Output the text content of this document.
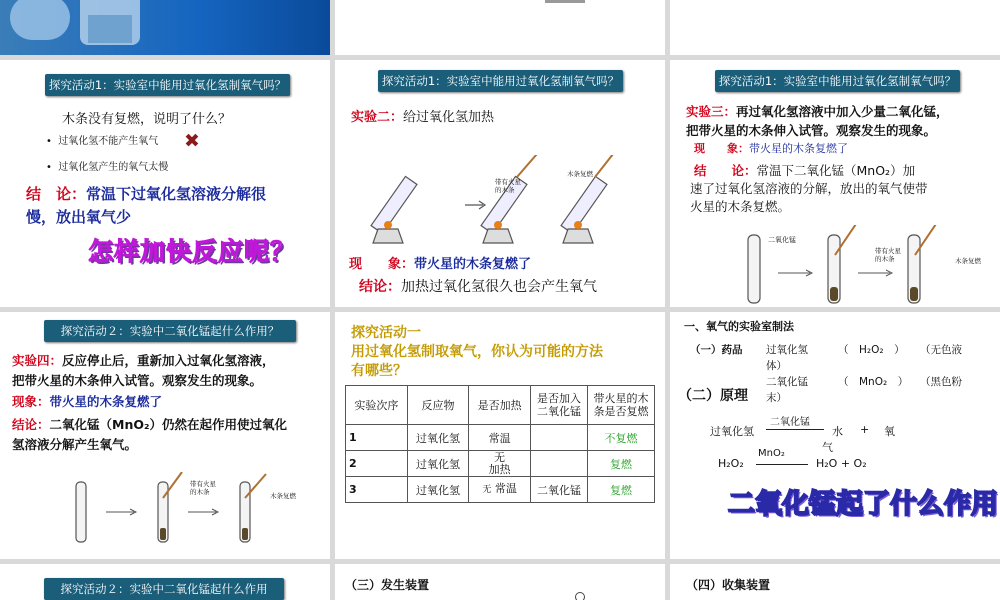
探究活动1：实验室中能用过氧化氢制氧气吗？
木条没有复燃，说明了什么？
•  过氧化氢不能产生氧气 ✖
•  过氧化氢产生的氧气太慢
结　论：常温下过氧化氢溶液分解很
慢，放出氧气少
怎样加快反应呢？
探究活动1：实验室中能用过氧化氢制氧气吗？
实验二：给过氧化氢加热
带有火星
的木条
木条复燃
现　　象：带火星的木条复燃了
结论：加热过氧化氢很久也会产生氧气
探究活动1：实验室中能用过氧化氢制氧气吗？
实验三：再过氧化氢溶液中加入少量二氧化锰，
把带火星的木条伸入试管。观察发生的现象。
现　　象：带火星的木条复燃了
结　　论：常温下二氧化锰（MnO₂）加
速了过氧化氢溶液的分解，放出的氧气使带
火星的木条复燃。
二氧化锰
带有火星
的木条	木条复燃
探究活动２：实验中二氧化锰起什么作用？
实验四：反应停止后，重新加入过氧化氢溶液，
把带火星的木条伸入试管。观察发生的现象。
现象：带火星的木条复燃了
结论：二氧化锰（MnO₂）仍然在起作用使过氧化
氢溶液分解产生氧气。
带有火星
的木条	木条复燃
探究活动一
用过氧化氢制取氧气，你认为可能的方法
有哪些？
实验次序	反应物	是否加热	是否加入二氧化锰	带火星的木条是否复燃
1	过氧化氢	常温		不复燃
2	过氧化氢	无
加热		复燃
3	过氧化氢	无 常温	二氧化锰	复燃
一、氧气的实验室制法
（一）药品 过氧化氢	（　H₂O₂　） （无色液
体）
二氧化锰	（　MnO₂　） （黑色粉
末）
（二）原理
过氧化氢
二氧化锰
水 + 氧
气
H₂O₂
MnO₂
H₂O + O₂
二氧化锰起了什么作用
探究活动２：实验中二氧化锰起什么作用	（三）发生装置	（四）收集装置
